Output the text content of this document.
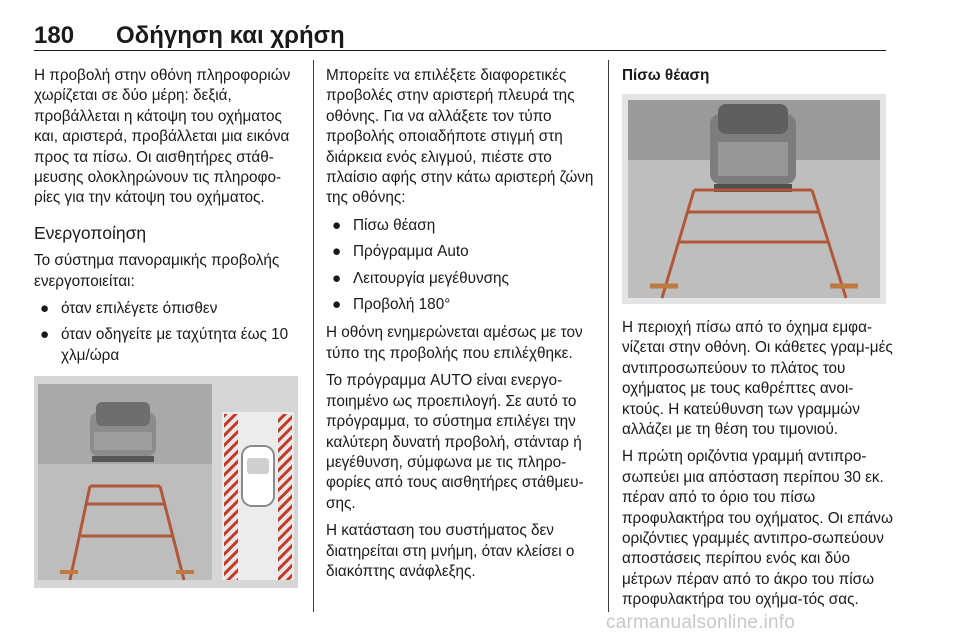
180 Οδήγηση και χρήση

Η προβολή στην οθόνη πληροφοριών χωρίζεται σε δύο μέρη: δεξιά, προβάλλεται η κάτοψη του οχήματος και, αριστερά, προβάλλεται μια εικόνα προς τα πίσω. Οι αισθητήρες στάθ-μευσης ολοκληρώνουν τις πληροφο-ρίες για την κάτοψη του οχήματος.

Ενεργοποίηση

Το σύστημα πανοραμικής προβολής ενεργοποιείται:

● όταν επιλέγετε όπισθεν
● όταν οδηγείτε με ταχύτητα έως 10 χλμ/ώρα

Μπορείτε να επιλέξετε διαφορετικές προβολές στην αριστερή πλευρά της οθόνης. Για να αλλάξετε τον τύπο προβολής οποιαδήποτε στιγμή στη διάρκεια ενός ελιγμού, πιέστε στο πλαίσιο αφής στην κάτω αριστερή ζώνη της οθόνης:

● Πίσω θέαση
● Πρόγραμμα Auto
● Λειτουργία μεγέθυνσης
● Προβολή 180°

Η οθόνη ενημερώνεται αμέσως με τον τύπο της προβολής που επιλέχθηκε.

Το πρόγραμμα AUTO είναι ενεργο-ποιημένο ως προεπιλογή. Σε αυτό το πρόγραμμα, το σύστημα επιλέγει την καλύτερη δυνατή προβολή, στάνταρ ή μεγέθυνση, σύμφωνα με τις πληρο-φορίες από τους αισθητήρες στάθμευ-σης.

Η κατάσταση του συστήματος δεν διατηρείται στη μνήμη, όταν κλείσει ο διακόπτης ανάφλεξης.

Πίσω θέαση

Η περιοχή πίσω από το όχημα εμφα-νίζεται στην οθόνη. Οι κάθετες γραμ-μές αντιπροσωπεύουν το πλάτος του οχήματος με τους καθρέπτες ανοι-κτούς. Η κατεύθυνση των γραμμών αλλάζει με τη θέση του τιμονιού.

Η πρώτη οριζόντια γραμμή αντιπρο-σωπεύει μια απόσταση περίπου 30 εκ. πέραν από το όριο του πίσω προφυλακτήρα του οχήματος. Οι επάνω οριζόντιες γραμμές αντιπρο-σωπεύουν αποστάσεις περίπου ενός και δύο μέτρων πέραν από το άκρο του πίσω προφυλακτήρα του οχήμα-τός σας.

carmanualsonline.info
